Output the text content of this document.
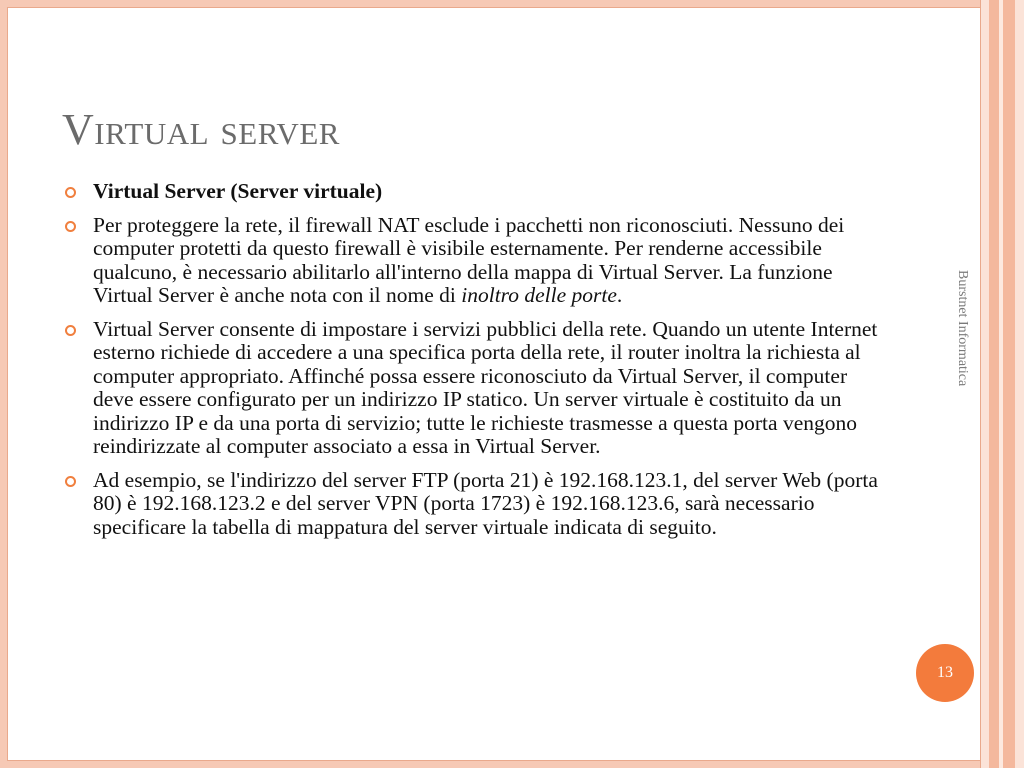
Virtual server
Virtual Server (Server virtuale)
Per proteggere la rete, il firewall NAT esclude i pacchetti non riconosciuti. Nessuno dei computer protetti da questo firewall è visibile esternamente. Per renderne accessibile qualcuno, è necessario abilitarlo all'interno della mappa di Virtual Server. La funzione Virtual Server è anche nota con il nome di inoltro delle porte.
Virtual Server consente di impostare i servizi pubblici della rete. Quando un utente Internet esterno richiede di accedere a una specifica porta della rete, il router inoltra la richiesta al computer appropriato. Affinché possa essere riconosciuto da Virtual Server, il computer deve essere configurato per un indirizzo IP statico. Un server virtuale è costituito da un indirizzo IP e da una porta di servizio; tutte le richieste trasmesse a questa porta vengono reindirizzate al computer associato a essa in Virtual Server.
Ad esempio, se l'indirizzo del server FTP (porta 21) è 192.168.123.1, del server Web (porta 80) è 192.168.123.2 e del server VPN (porta 1723) è 192.168.123.6, sarà necessario specificare la tabella di mappatura del server virtuale indicata di seguito.
Burstnet Informatica
13
